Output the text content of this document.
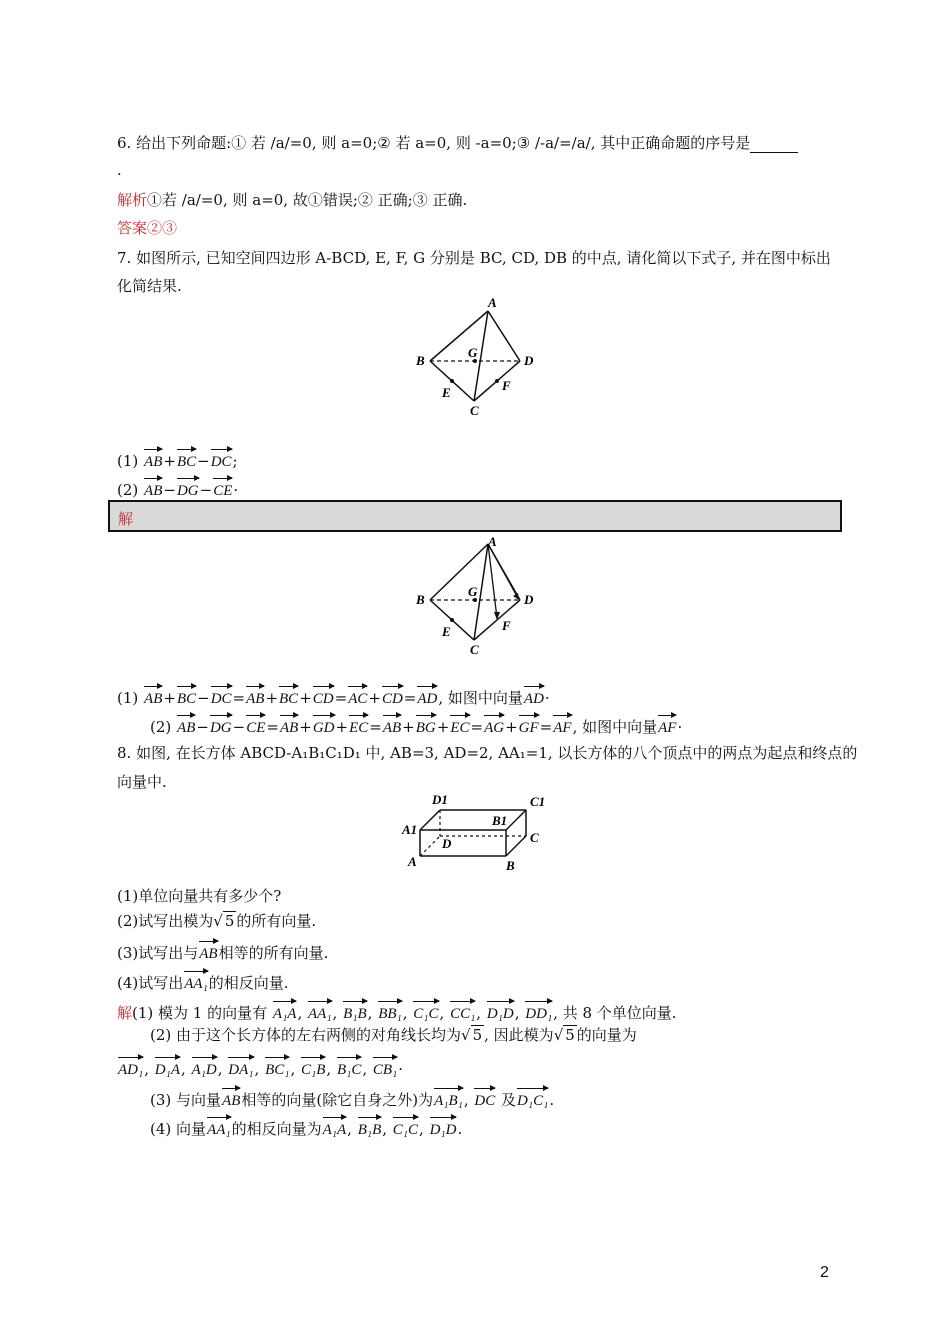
6. 给出下列命题:① 若 /a/=0, 则 a=0;② 若 a=0, 则 -a=0;③ /-a/=/a/, 其中正确命题的序号是
.
解析①若 /a/=0, 则 a=0, 故①错误;② 正确;③ 正确.
答案②③
7. 如图所示, 已知空间四边形 A-BCD, E, F, G 分别是 BC, CD, DB 的中点, 请化简以下式子, 并在图中标出
化简结果.
A
B
G
D
E	F
C
(1) AB+BC−DC;
(2) AB−DG−CE·
解
A
B
G
D
E	F
C
(1) AB+BC−DC=AB+BC+CD=AC+CD=AD, 如图中向量AD·
(2) AB−DG−CE=AB+GD+EC=AB+BG+EC=AG+GF=AF, 如图中向量AF·
8. 如图, 在长方体 ABCD-A₁B₁C₁D₁ 中, AB=3, AD=2, AA₁=1, 以长方体的八个顶点中的两点为起点和终点的
向量中.
D1	C1
A1
B1
D	C
A	B
(1)单位向量共有多少个?
(2)试写出模为√ 5 的所有向量.
(3)试写出与AB相等的所有向量.
(4)试写出AA₁的相反向量.
解(1) 模为 1 的向量有 A₁A, AA₁, B₁B, BB₁, C₁C, CC₁, D₁D, DD₁, 共 8 个单位向量.
(2) 由于这个长方体的左右两侧的对角线长均为√ 5 , 因此模为√ 5 的向量为
AD₁, D₁A, A₁D, DA₁, BC₁, C₁B, B₁C, CB₁·
(3) 与向量AB相等的向量(除它自身之外)为A₁B₁, DC 及D₁C₁.
(4) 向量AA₁的相反向量为A₁A, B₁B, C₁C, D₁D.
2
